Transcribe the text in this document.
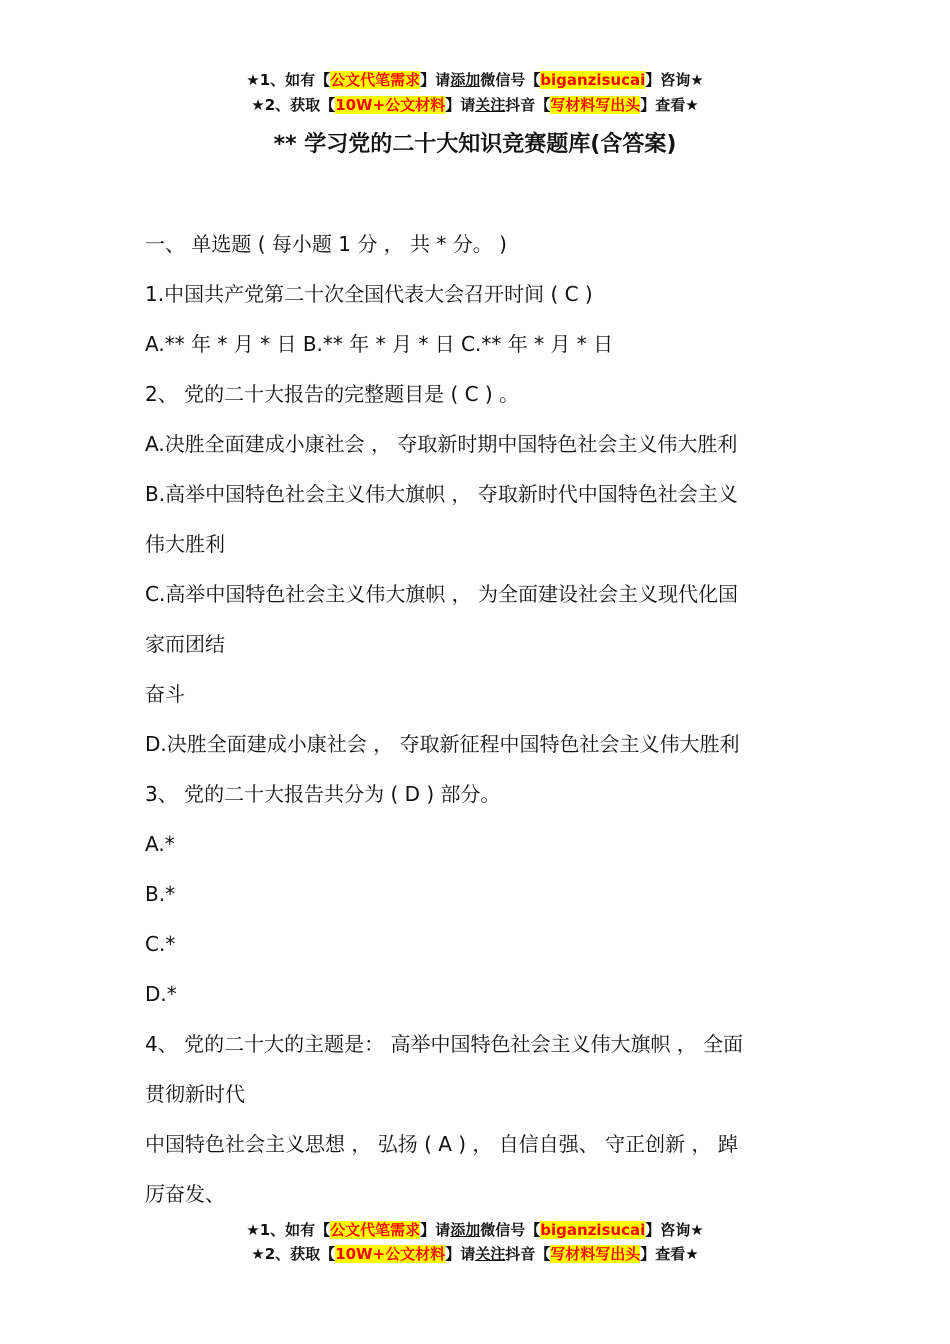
★1、如有【公文代笔需求】请添加微信号【biganzisucai】咨询★
★2、获取【10W+公文材料】请关注抖音【写材料写出头】查看★
** 学习党的二十大知识竞赛题库(含答案)
一、 单选题 ( 每小题 1 分 ， 共 * 分。 )
1.中国共产党第二十次全国代表大会召开时间 ( C )
A.** 年 * 月 * 日 B.** 年 * 月 * 日 C.** 年 * 月 * 日
2、 党的二十大报告的完整题目是 ( C ) 。
A.决胜全面建成小康社会 ， 夺取新时期中国特色社会主义伟大胜利
B.高举中国特色社会主义伟大旗帜 ， 夺取新时代中国特色社会主义
伟大胜利
C.高举中国特色社会主义伟大旗帜 ， 为全面建设社会主义现代化国
家而团结
奋斗
D.决胜全面建成小康社会 ， 夺取新征程中国特色社会主义伟大胜利
3、 党的二十大报告共分为 ( D ) 部分。
A.*
B.*
C.*
D.*
4、 党的二十大的主题是： 高举中国特色社会主义伟大旗帜 ， 全面
贯彻新时代
中国特色社会主义思想 ， 弘扬 ( A ) ， 自信自强、 守正创新 ， 踔
厉奋发、
★1、如有【公文代笔需求】请添加微信号【biganzisucai】咨询★
★2、获取【10W+公文材料】请关注抖音【写材料写出头】查看★
